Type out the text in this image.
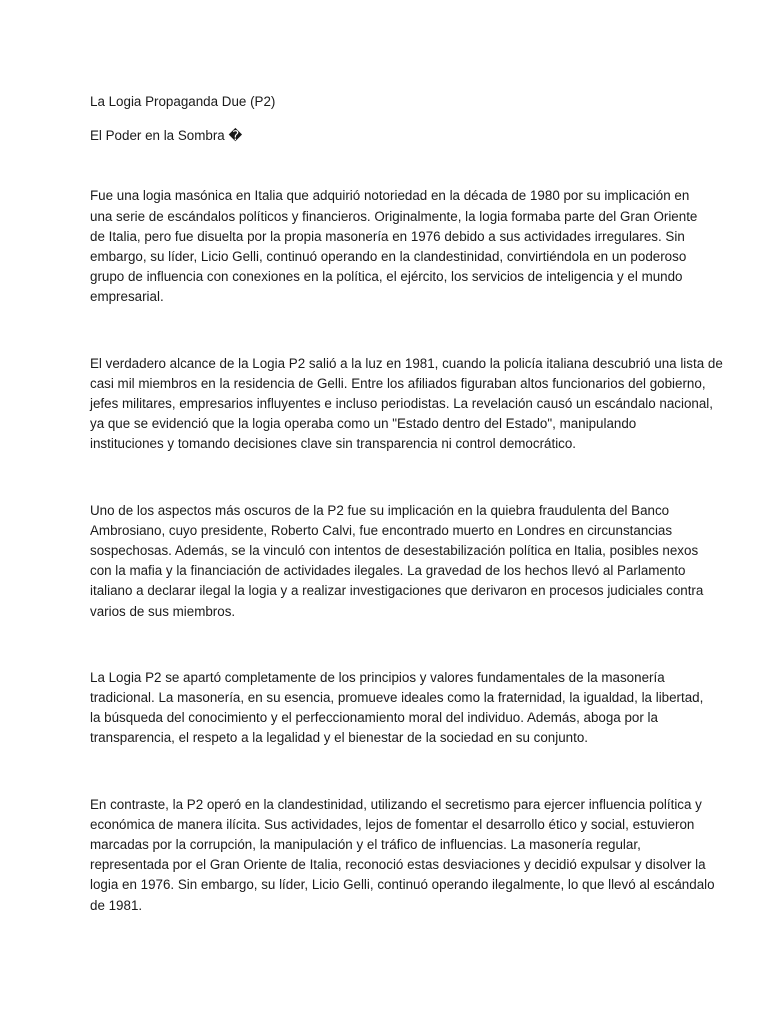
La Logia Propaganda Due (P2)

El Poder en la Sombra �

Fue una logia masónica en Italia que adquirió notoriedad en la década de 1980 por su implicación en

una serie de escándalos políticos y financieros. Originalmente, la logia formaba parte del Gran Oriente

de Italia, pero fue disuelta por la propia masonería en 1976 debido a sus actividades irregulares. Sin

embargo, su líder, Licio Gelli, continuó operando en la clandestinidad, convirtiéndola en un poderoso

grupo de influencia con conexiones en la política, el ejército, los servicios de inteligencia y el mundo

empresarial.

El verdadero alcance de la Logia P2 salió a la luz en 1981, cuando la policía italiana descubrió una lista de

casi mil miembros en la residencia de Gelli. Entre los afiliados figuraban altos funcionarios del gobierno,

jefes militares, empresarios influyentes e incluso periodistas. La revelación causó un escándalo nacional,

ya que se evidenció que la logia operaba como un "Estado dentro del Estado", manipulando

instituciones y tomando decisiones clave sin transparencia ni control democrático.

Uno de los aspectos más oscuros de la P2 fue su implicación en la quiebra fraudulenta del Banco

Ambrosiano, cuyo presidente, Roberto Calvi, fue encontrado muerto en Londres en circunstancias

sospechosas. Además, se la vinculó con intentos de desestabilización política en Italia, posibles nexos

con la mafia y la financiación de actividades ilegales. La gravedad de los hechos llevó al Parlamento

italiano a declarar ilegal la logia y a realizar investigaciones que derivaron en procesos judiciales contra

varios de sus miembros.

La Logia P2 se apartó completamente de los principios y valores fundamentales de la masonería

tradicional. La masonería, en su esencia, promueve ideales como la fraternidad, la igualdad, la libertad,

la búsqueda del conocimiento y el perfeccionamiento moral del individuo. Además, aboga por la

transparencia, el respeto a la legalidad y el bienestar de la sociedad en su conjunto.

En contraste, la P2 operó en la clandestinidad, utilizando el secretismo para ejercer influencia política y

económica de manera ilícita. Sus actividades, lejos de fomentar el desarrollo ético y social, estuvieron

marcadas por la corrupción, la manipulación y el tráfico de influencias. La masonería regular,

representada por el Gran Oriente de Italia, reconoció estas desviaciones y decidió expulsar y disolver la

logia en 1976. Sin embargo, su líder, Licio Gelli, continuó operando ilegalmente, lo que llevó al escándalo

de 1981.
